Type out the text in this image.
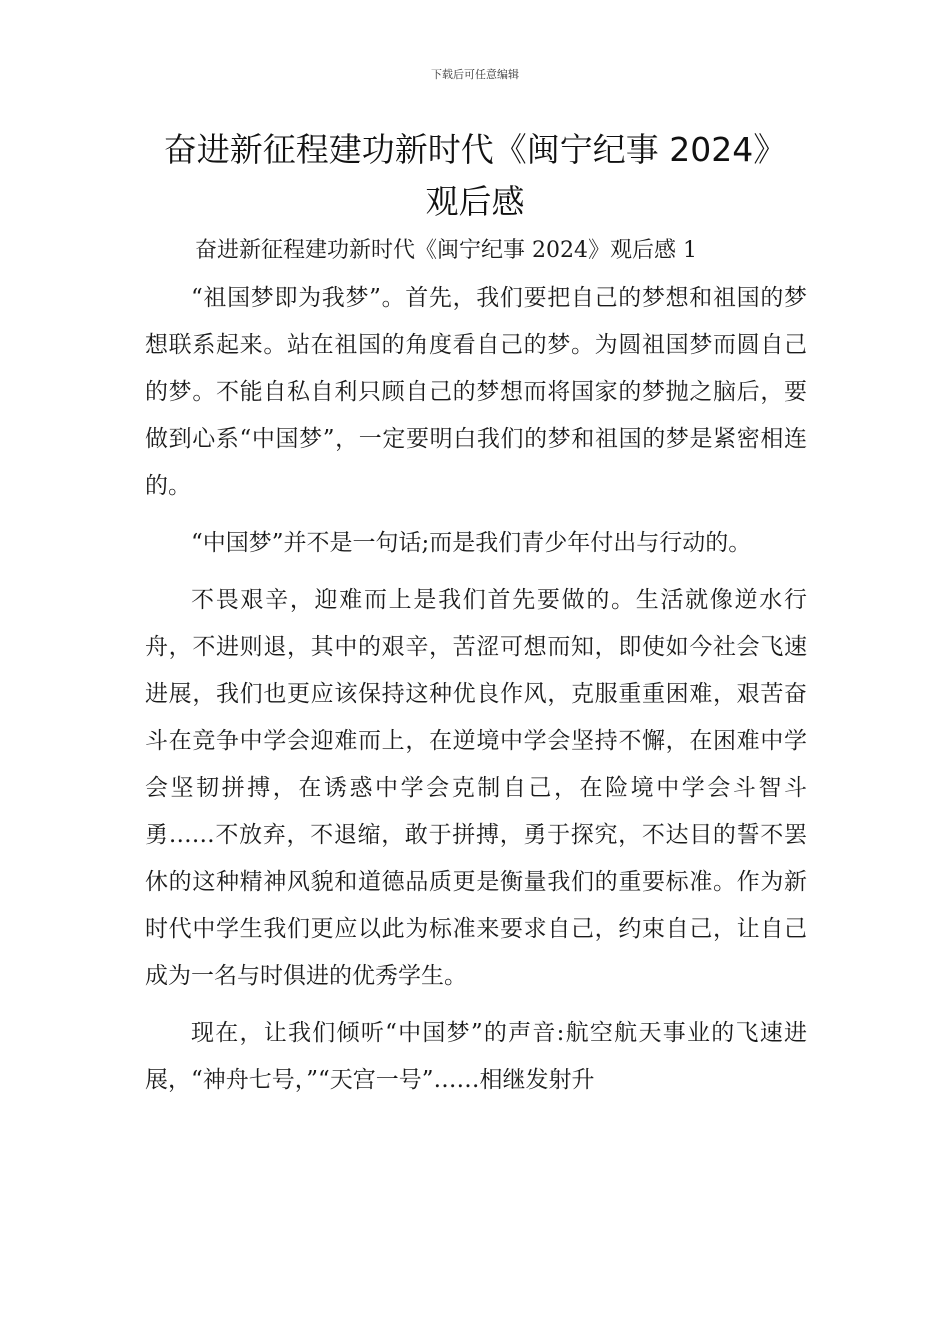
下载后可任意编辑
奋进新征程建功新时代《闽宁纪事 2024》
观后感
奋进新征程建功新时代《闽宁纪事 2024》观后感 1

“祖国梦即为我梦”。首先，我们要把自己的梦想和祖国的梦想联系起来。站在祖国的角度看自己的梦。为圆祖国梦而圆自己的梦。不能自私自利只顾自己的梦想而将国家的梦抛之脑后，要做到心系“中国梦”，一定要明白我们的梦和祖国的梦是紧密相连的。

“中国梦”并不是一句话;而是我们青少年付出与行动的。

不畏艰辛，迎难而上是我们首先要做的。生活就像逆水行舟，不进则退，其中的艰辛，苦涩可想而知，即使如今社会飞速进展，我们也更应该保持这种优良作风，克服重重困难，艰苦奋斗在竞争中学会迎难而上，在逆境中学会坚持不懈，在困难中学会坚韧拼搏，在诱惑中学会克制自己，在险境中学会斗智斗勇……不放弃，不退缩，敢于拼搏，勇于探究，不达目的誓不罢休的这种精神风貌和道德品质更是衡量我们的重要标准。作为新时代中学生我们更应以此为标准来要求自己，约束自己，让自己成为一名与时俱进的优秀学生。

现在，让我们倾听“中国梦”的声音:航空航天事业的飞速进展，“神舟七号，”“天宫一号”……相继发射升
